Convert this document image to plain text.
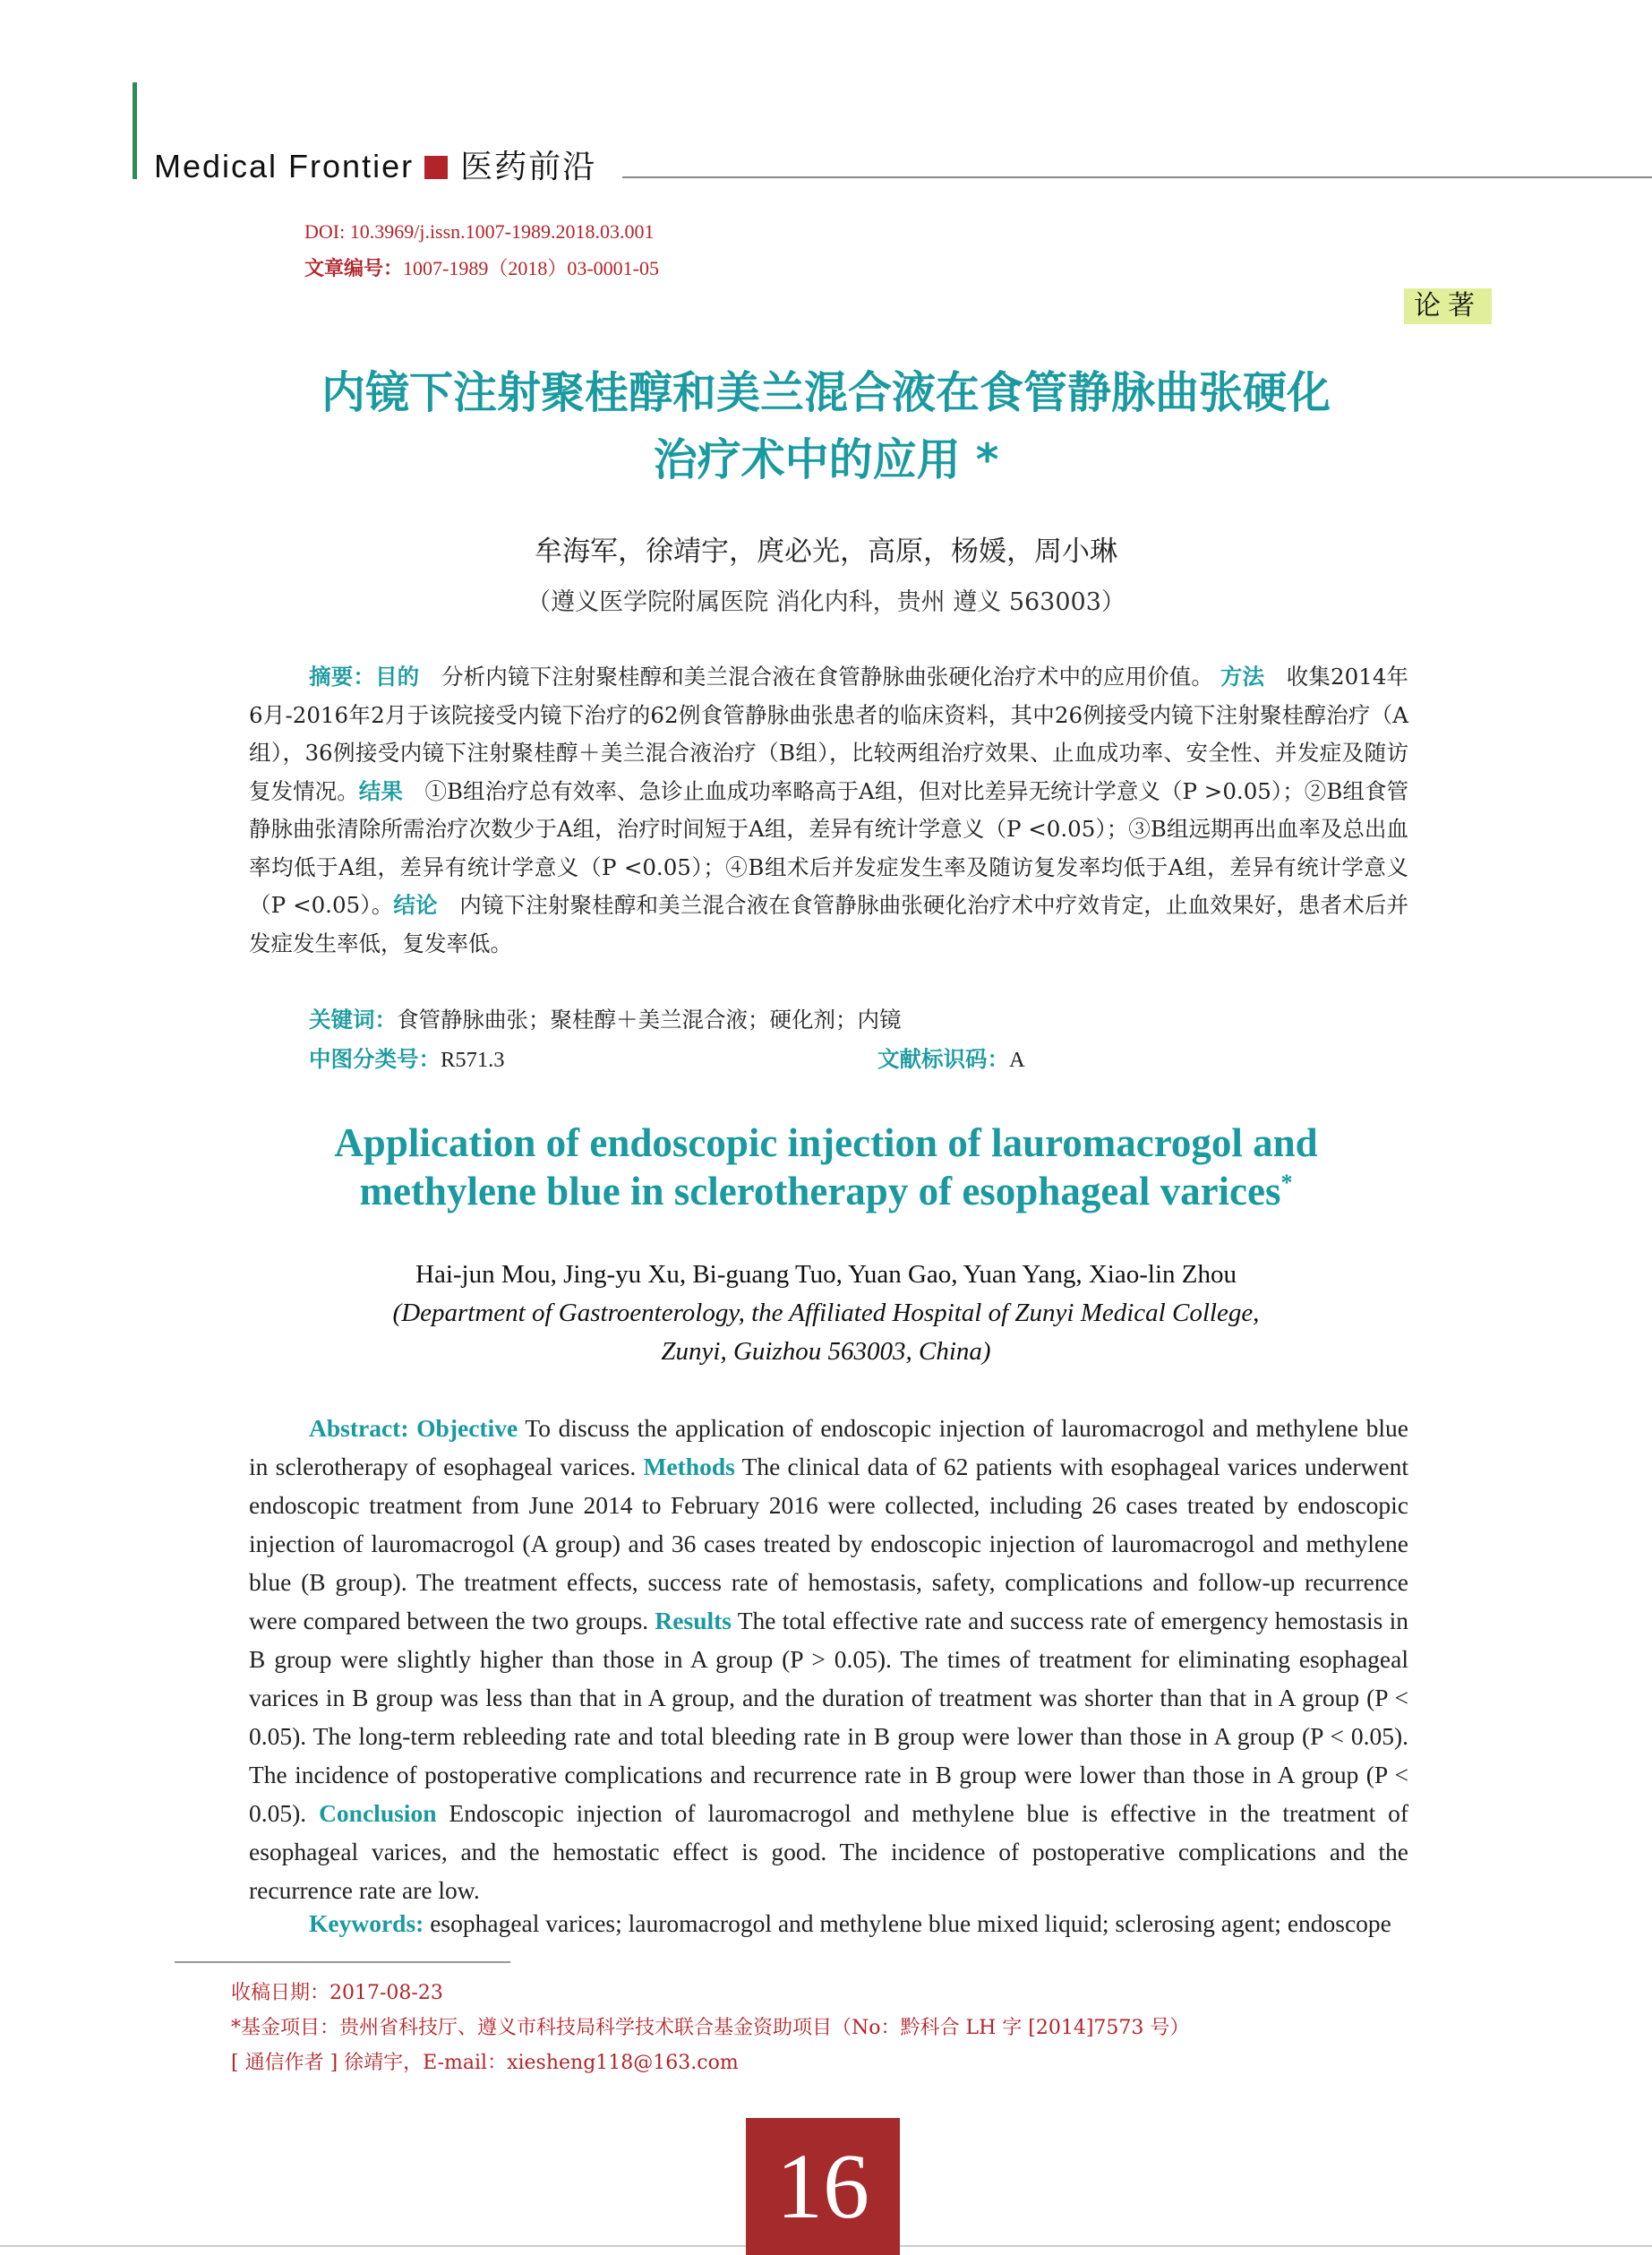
Medical Frontier 医药前沿
DOI: 10.3969/j.issn.1007-1989.2018.03.001
文章编号：1007-1989（2018）03-0001-05
论著
内镜下注射聚桂醇和美兰混合液在食管静脉曲张硬化
治疗术中的应用 *
牟海军，徐靖宇，庹必光，高原，杨媛，周小琳
（遵义医学院附属医院 消化内科，贵州 遵义 563003）
摘要：目的　 分析内镜下注射聚桂醇和美兰混合液在食管静脉曲张硬化治疗术中的应用价值。 方法　 收集2014年6月-2016年2月于该院接受内镜下治疗的62例食管静脉曲张患者的临床资料，其中26例接受内镜下注射聚桂醇治疗（A组），36例接受内镜下注射聚桂醇＋美兰混合液治疗（B组），比较两组治疗效果、止血成功率、安全性、并发症及随访复发情况。结果　 ①B组治疗总有效率、急诊止血成功率略高于A组，但对比差异无统计学意义（P >0.05）；②B组食管静脉曲张清除所需治疗次数少于A组，治疗时间短于A组，差异有统计学意义（P <0.05）；③B组远期再出血率及总出血率均低于A组，差异有统计学意义（P <0.05）；④B组术后并发症发生率及随访复发率均低于A组，差异有统计学意义（P <0.05）。结论　 内镜下注射聚桂醇和美兰混合液在食管静脉曲张硬化治疗术中疗效肯定，止血效果好，患者术后并发症发生率低，复发率低。
关键词：食管静脉曲张；聚桂醇＋美兰混合液；硬化剂；内镜
中图分类号：R571.3	文献标识码：A
Application of endoscopic injection of lauromacrogol and
methylene blue in sclerotherapy of esophageal varices*
Hai-jun Mou, Jing-yu Xu, Bi-guang Tuo, Yuan Gao, Yuan Yang, Xiao-lin Zhou
(Department of Gastroenterology, the Affiliated Hospital of Zunyi Medical College,
Zunyi, Guizhou 563003, China)
Abstract: Objective To discuss the application of endoscopic injection of lauromacrogol and methylene blue in sclerotherapy of esophageal varices. Methods The clinical data of 62 patients with esophageal varices underwent endoscopic treatment from June 2014 to February 2016 were collected, including 26 cases treated by endoscopic injection of lauromacrogol (A group) and 36 cases treated by endoscopic injection of lauromacrogol and methylene blue (B group). The treatment effects, success rate of hemostasis, safety, complications and follow-up recurrence were compared between the two groups. Results The total effective rate and success rate of emergency hemostasis in B group were slightly higher than those in A group (P > 0.05). The times of treatment for eliminating esophageal varices in B group was less than that in A group, and the duration of treatment was shorter than that in A group (P < 0.05). The long-term rebleeding rate and total bleeding rate in B group were lower than those in A group (P < 0.05). The incidence of postoperative complications and recurrence rate in B group were lower than those in A group (P < 0.05). Conclusion Endoscopic injection of lauromacrogol and methylene blue is effective in the treatment of esophageal varices, and the hemostatic effect is good. The incidence of postoperative complications and the recurrence rate are low.
Keywords: esophageal varices; lauromacrogol and methylene blue mixed liquid; sclerosing agent; endoscope
收稿日期：2017-08-23
*基金项目：贵州省科技厅、遵义市科技局科学技术联合基金资助项目（No：黔科合 LH 字 [2014]7573 号）
[ 通信作者 ] 徐靖宇，E-mail：xiesheng118@163.com
16
